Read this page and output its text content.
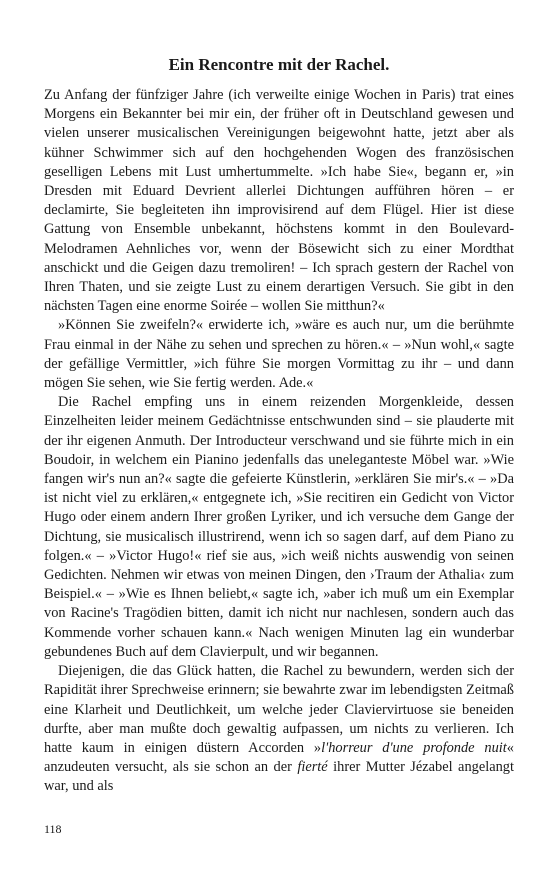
Ein Rencontre mit der Rachel.

Zu Anfang der fünfziger Jahre (ich verweilte einige Wochen in Paris) trat eines Morgens ein Bekannter bei mir ein, der früher oft in Deutschland gewesen und vielen unserer musicalischen Vereinigungen beigewohnt hatte, jetzt aber als kühner Schwimmer sich auf den hochgehenden Wogen des französischen geselligen Lebens mit Lust umhertummelte. »Ich habe Sie«, begann er, »in Dresden mit Eduard Devrient allerlei Dichtungen aufführen hören – er declamirte, Sie begleiteten ihn improvisirend auf dem Flügel. Hier ist diese Gattung von Ensemble unbekannt, höchstens kommt in den Boulevard-Melodramen Aehnliches vor, wenn der Bösewicht sich zu einer Mordthat anschickt und die Geigen dazu tremoliren! – Ich sprach gestern der Rachel von Ihren Thaten, und sie zeigte Lust zu einem derartigen Versuch. Sie gibt in den nächsten Tagen eine enorme Soirée – wollen Sie mitthun?«

»Können Sie zweifeln?« erwiderte ich, »wäre es auch nur, um die berühmte Frau einmal in der Nähe zu sehen und sprechen zu hören.« – »Nun wohl,« sagte der gefällige Vermittler, »ich führe Sie morgen Vormittag zu ihr – und dann mögen Sie sehen, wie Sie fertig werden. Ade.«

Die Rachel empfing uns in einem reizenden Morgenkleide, dessen Einzelheiten leider meinem Gedächtnisse entschwunden sind – sie plauderte mit der ihr eigenen Anmuth. Der Introducteur verschwand und sie führte mich in ein Boudoir, in welchem ein Pianino jedenfalls das uneleganteste Möbel war. »Wie fangen wir's nun an?« sagte die gefeierte Künstlerin, »erklären Sie mir's.« – »Da ist nicht viel zu erklären,« entgegnete ich, »Sie recitiren ein Gedicht von Victor Hugo oder einem andern Ihrer großen Lyriker, und ich versuche dem Gange der Dichtung, sie musicalisch illustrirend, wenn ich so sagen darf, auf dem Piano zu folgen.« – »Victor Hugo!« rief sie aus, »ich weiß nichts auswendig von seinen Gedichten. Nehmen wir etwas von meinen Dingen, den ›Traum der Athalia‹ zum Beispiel.« – »Wie es Ihnen beliebt,« sagte ich, »aber ich muß um ein Exemplar von Racine's Tragödien bitten, damit ich nicht nur nachlesen, sondern auch das Kommende vorher schauen kann.« Nach wenigen Minuten lag ein wunderbar gebundenes Buch auf dem Clavierpult, und wir begannen.

Diejenigen, die das Glück hatten, die Rachel zu bewundern, werden sich der Rapidität ihrer Sprechweise erinnern; sie bewahrte zwar im lebendigsten Zeitmaß eine Klarheit und Deutlichkeit, um welche jeder Claviervirtuose sie beneiden durfte, aber man mußte doch gewaltig aufpassen, um nichts zu verlieren. Ich hatte kaum in einigen düstern Accorden »l'horreur d'une profonde nuit« anzudeuten versucht, als sie schon an der fierté ihrer Mutter Jézabel angelangt war, und als

118
